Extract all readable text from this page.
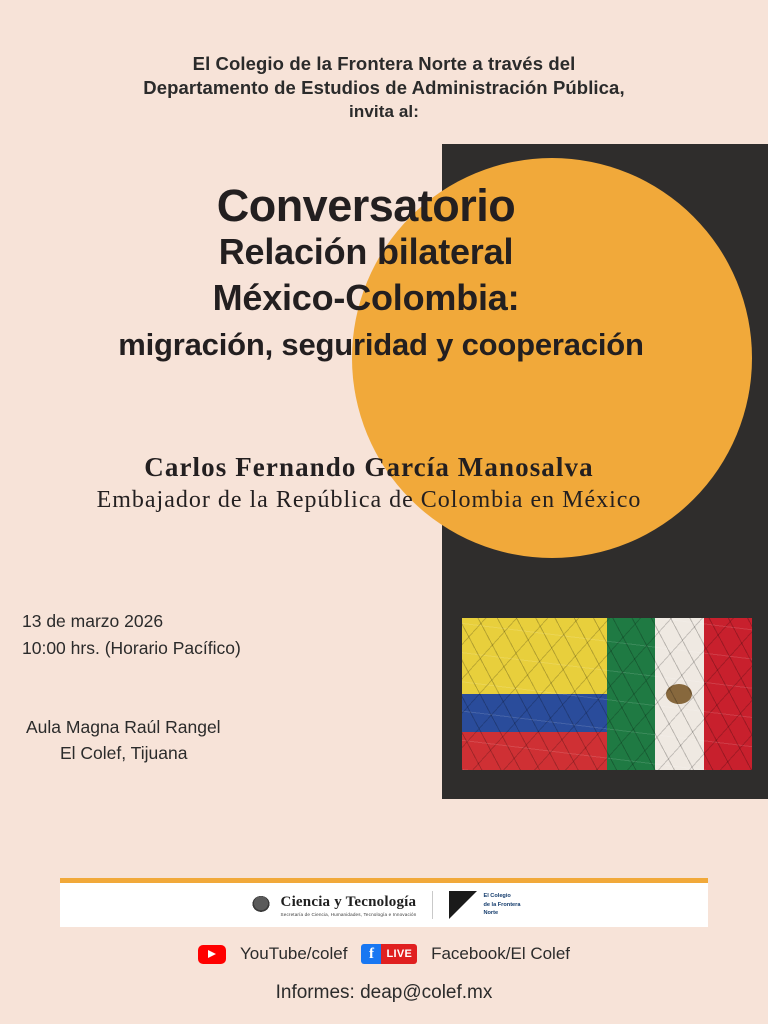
El Colegio de la Frontera Norte a través del
Departamento de Estudios de Administración Pública,
invita al:
Conversatorio
Relación bilateral
México-Colombia:
migración, seguridad y cooperación
Carlos Fernando García Manosalva
Embajador de la República de Colombia en México
13 de marzo 2026
10:00 hrs. (Horario Pacífico)
Aula Magna Raúl Rangel
El Colef, Tijuana
Ciencia y Tecnología
Secretaría de Ciencia, Humanidades, Tecnología e Innovación
El Colegio
de la Frontera
Norte
YouTube/colef	f	LIVE Facebook/El Colef
Informes: deap@colef.mx
